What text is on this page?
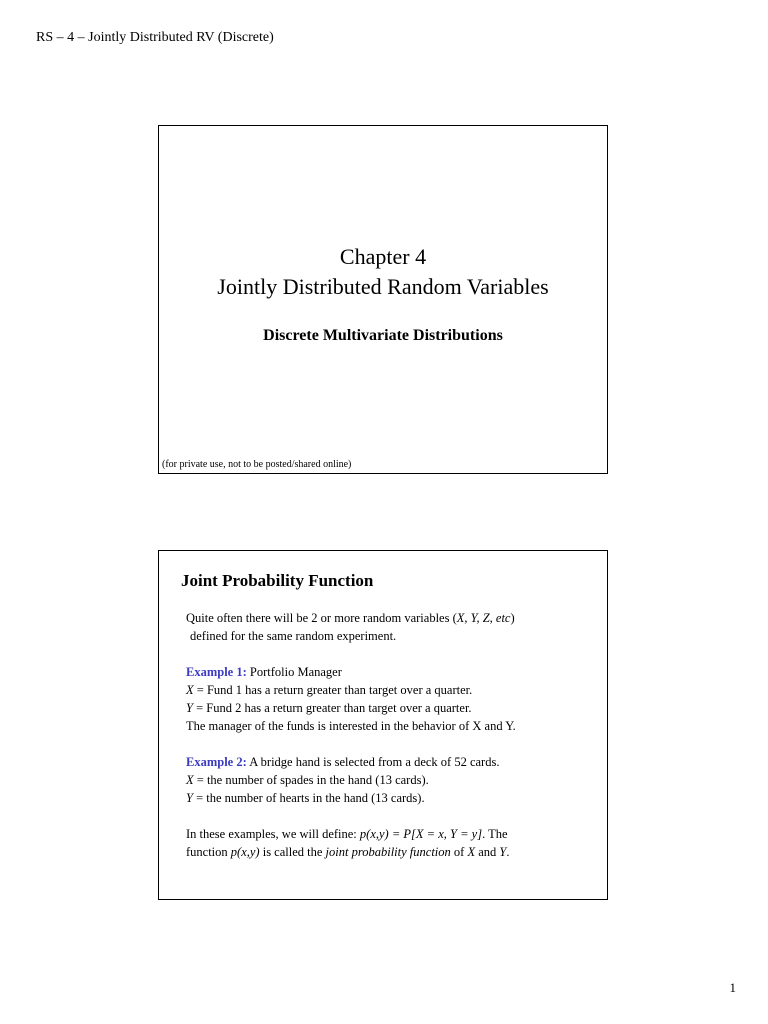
RS – 4 – Jointly Distributed RV (Discrete)
Chapter 4
Jointly Distributed Random Variables
Discrete Multivariate Distributions
(for private use, not to be posted/shared online)
Joint Probability Function

Quite often there will be 2 or more random variables (X, Y, Z, etc)

defined for the same random experiment.

Example 1: Portfolio Manager

X = Fund 1 has a return greater than target over a quarter.

Y = Fund 2 has a return greater than target over a quarter.

The manager of the funds is interested in the behavior of X and Y.

Example 2: A bridge hand is selected from a deck of 52 cards.

X = the number of spades in the hand (13 cards).

Y = the number of hearts in the hand (13 cards).

In these examples, we will define: p(x,y) = P[X = x, Y = y]. The

function p(x,y) is called the joint probability function of X and Y.

1
